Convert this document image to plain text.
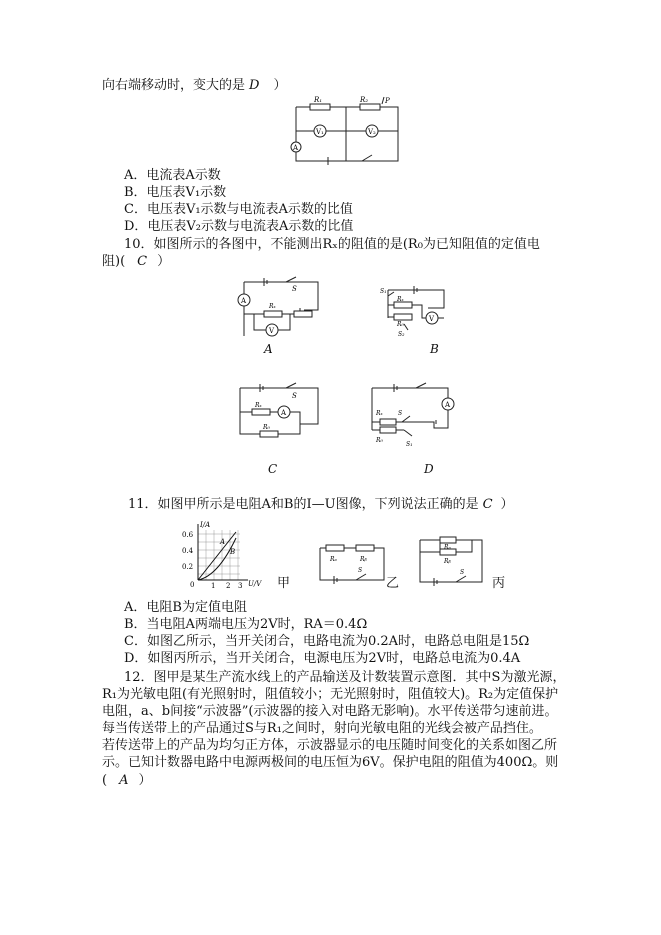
向右端移动时，变大的是 D ）
R₁	R₂ P
V₁	V₂
A
A．电流表A示数
B．电压表V₁示数
C．电压表V₁示数与电流表A示数的比值
D．电压表V₂示数与电流表A示数的比值
10．如图所示的各图中，不能测出Rₓ的阻值的是(R₀为已知阻值的定值电
阻)( C ）
A
Rₓ
V
S	S₁
Rₓ
R₀
S₂
V
A	B
Rₓ
A
R₀
S
Rₓ	S
R₀
S₁
A
C	D
11．如图甲所示是电阻A和B的I—U图像，下列说法正确的是 C ）
I/A
U/V
0.6
0.4
0.2
0 1 2 3
A
B
甲
Rₐ	Rᵦ
S
乙
Rₐ
Rᵦ
S
丙
A．电阻B为定值电阻
B．当电阻A两端电压为2V时，RA＝0.4Ω
C．如图乙所示，当开关闭合，电路电流为0.2A时，电路总电阻是15Ω
D．如图丙所示，当开关闭合，电源电压为2V时，电路总电流为0.4A
12．图甲是某生产流水线上的产品输送及计数装置示意图．其中S为激光源，
R₁为光敏电阻(有光照射时，阻值较小；无光照射时，阻值较大)。R₂为定值保护
电阻，a、b间接“示波器”(示波器的接入对电路无影响)。水平传送带匀速前进。
每当传送带上的产品通过S与R₁之间时，射向光敏电阻的光线会被产品挡住。
若传送带上的产品为均匀正方体，示波器显示的电压随时间变化的关系如图乙所
示。已知计数器电路中电源两极间的电压恒为6V。保护电阻的阻值为400Ω。则
( A ）
